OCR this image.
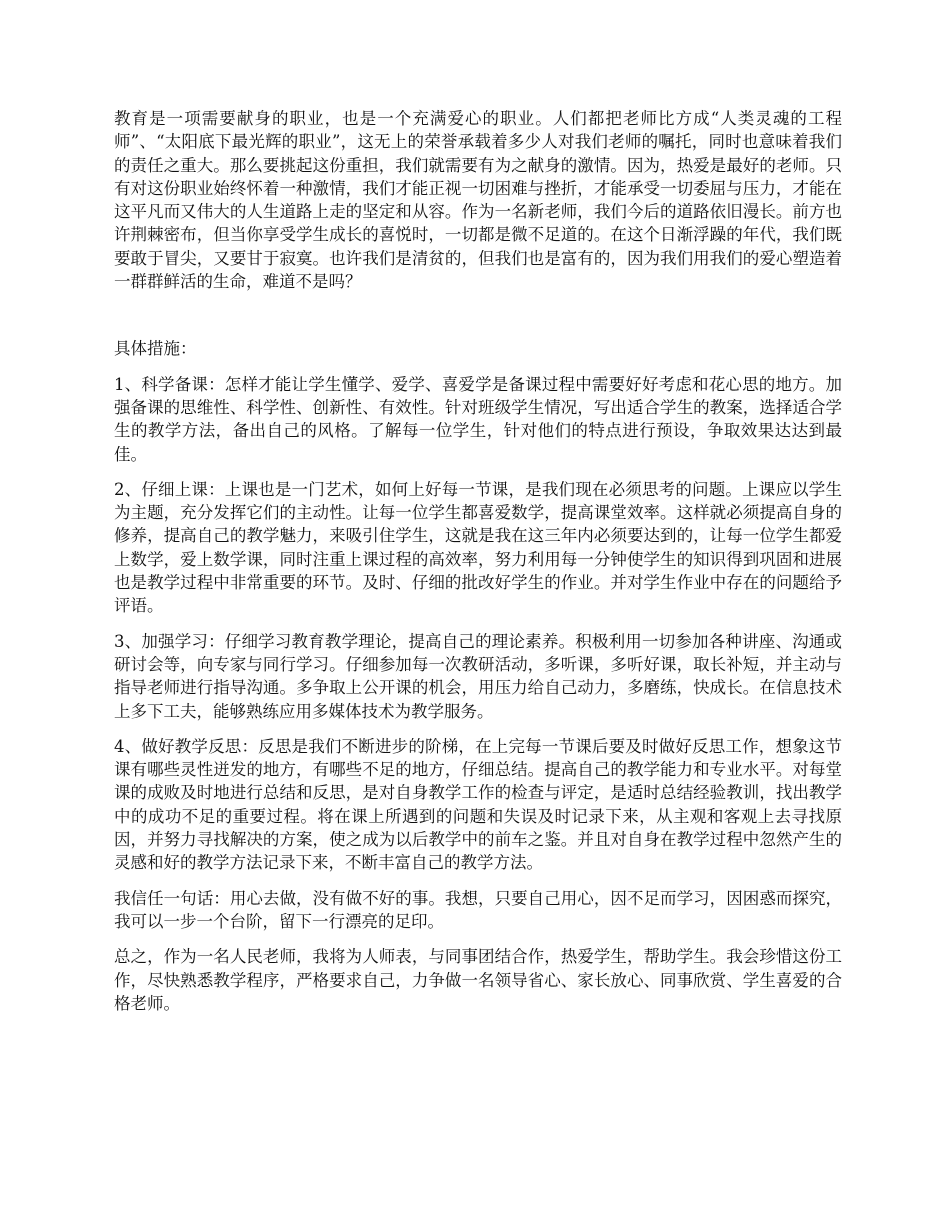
教育是一项需要献身的职业，也是一个充满爱心的职业。人们都把老师比方成“人类灵魂的工程师”、“太阳底下最光辉的职业”，这无上的荣誉承载着多少人对我们老师的嘱托，同时也意味着我们的责任之重大。那么要挑起这份重担，我们就需要有为之献身的激情。因为，热爱是最好的老师。只有对这份职业始终怀着一种激情，我们才能正视一切困难与挫折，才能承受一切委屈与压力，才能在这平凡而又伟大的人生道路上走的坚定和从容。作为一名新老师，我们今后的道路依旧漫长。前方也许荆棘密布，但当你享受学生成长的喜悦时，一切都是微不足道的。在这个日渐浮躁的年代，我们既要敢于冒尖，又要甘于寂寞。也许我们是清贫的，但我们也是富有的，因为我们用我们的爱心塑造着一群群鲜活的生命，难道不是吗？

具体措施：

1、科学备课：怎样才能让学生懂学、爱学、喜爱学是备课过程中需要好好考虑和花心思的地方。加强备课的思维性、科学性、创新性、有效性。针对班级学生情况，写出适合学生的教案，选择适合学生的教学方法，备出自己的风格。了解每一位学生，针对他们的特点进行预设，争取效果达达到最佳。

2、仔细上课：上课也是一门艺术，如何上好每一节课，是我们现在必须思考的问题。上课应以学生为主题，充分发挥它们的主动性。让每一位学生都喜爱数学，提高课堂效率。这样就必须提高自身的修养，提高自己的教学魅力，来吸引住学生，这就是我在这三年内必须要达到的，让每一位学生都爱上数学，爱上数学课，同时注重上课过程的高效率，努力利用每一分钟使学生的知识得到巩固和进展也是教学过程中非常重要的环节。及时、仔细的批改好学生的作业。并对学生作业中存在的问题给予评语。

3、加强学习：仔细学习教育教学理论，提高自己的理论素养。积极利用一切参加各种讲座、沟通或研讨会等，向专家与同行学习。仔细参加每一次教研活动，多听课，多听好课，取长补短，并主动与指导老师进行指导沟通。多争取上公开课的机会，用压力给自己动力，多磨练，快成长。在信息技术上多下工夫，能够熟练应用多媒体技术为教学服务。

4、做好教学反思：反思是我们不断进步的阶梯，在上完每一节课后要及时做好反思工作，想象这节课有哪些灵性迸发的地方，有哪些不足的地方，仔细总结。提高自己的教学能力和专业水平。对每堂课的成败及时地进行总结和反思，是对自身教学工作的检查与评定，是适时总结经验教训，找出教学中的成功不足的重要过程。将在课上所遇到的问题和失误及时记录下来，从主观和客观上去寻找原因，并努力寻找解决的方案，使之成为以后教学中的前车之鉴。并且对自身在教学过程中忽然产生的灵感和好的教学方法记录下来，不断丰富自己的教学方法。

我信任一句话：用心去做，没有做不好的事。我想，只要自己用心，因不足而学习，因困惑而探究，我可以一步一个台阶，留下一行漂亮的足印。

总之，作为一名人民老师，我将为人师表，与同事团结合作，热爱学生，帮助学生。我会珍惜这份工作，尽快熟悉教学程序，严格要求自己，力争做一名领导省心、家长放心、同事欣赏、学生喜爱的合格老师。
